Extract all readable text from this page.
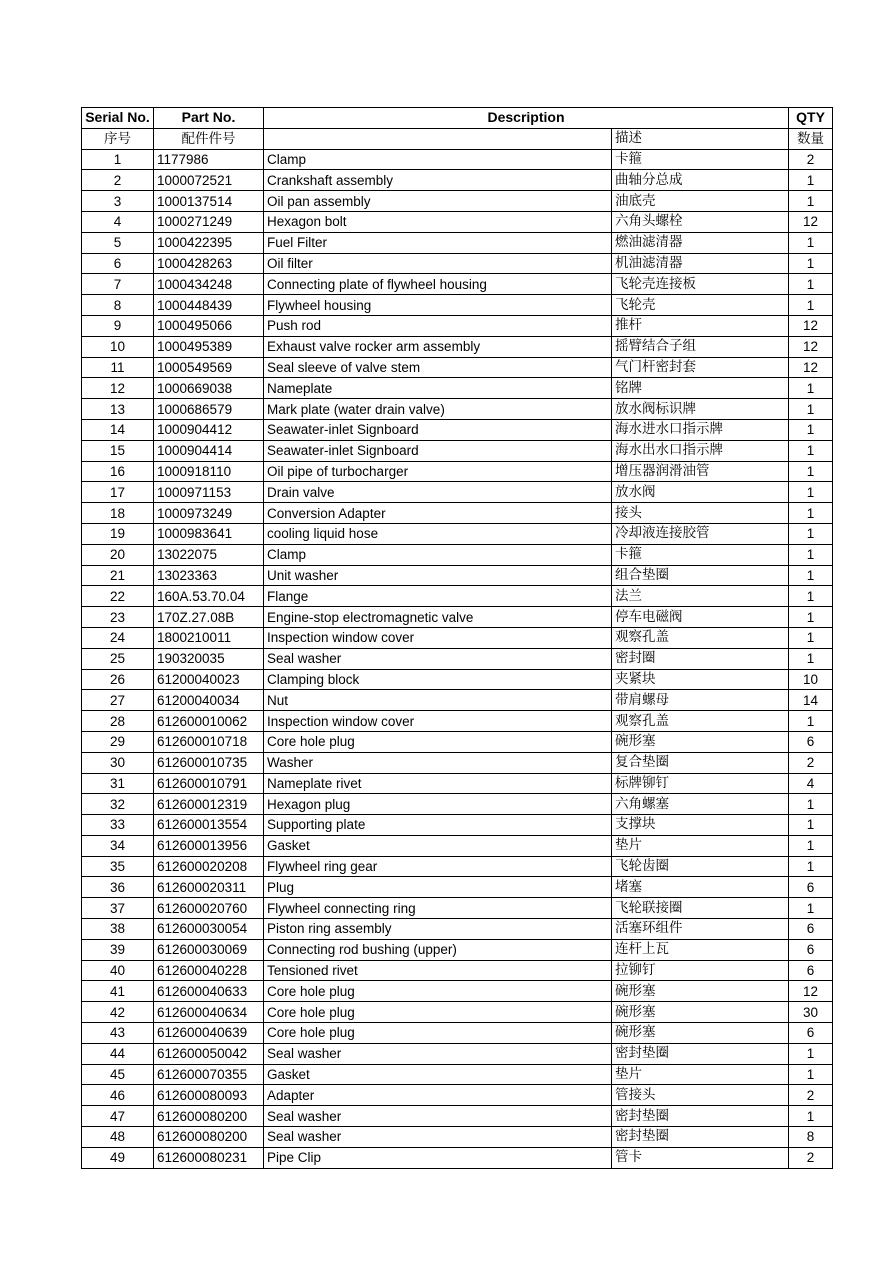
Serial No.	Part No.	Description		QTY
序号	配件件号		描述	数量
1	1177986	Clamp	卡箍	2
2	1000072521	Crankshaft assembly	曲轴分总成	1
3	1000137514	Oil pan assembly	油底壳	1
4	1000271249	Hexagon bolt	六角头螺栓	12
5	1000422395	Fuel Filter	燃油滤清器	1
6	1000428263	Oil filter	机油滤清器	1
7	1000434248	Connecting plate of flywheel housing	飞轮壳连接板	1
8	1000448439	Flywheel housing	飞轮壳	1
9	1000495066	Push rod	推杆	12
10	1000495389	Exhaust valve rocker arm assembly	摇臂结合子组	12
11	1000549569	Seal sleeve of valve stem	气门杆密封套	12
12	1000669038	Nameplate	铭牌	1
13	1000686579	Mark plate (water drain valve)	放水阀标识牌	1
14	1000904412	Seawater-inlet Signboard	海水进水口指示牌	1
15	1000904414	Seawater-inlet Signboard	海水出水口指示牌	1
16	1000918110	Oil pipe of turbocharger	增压器润滑油管	1
17	1000971153	Drain valve	放水阀	1
18	1000973249	Conversion Adapter	接头	1
19	1000983641	cooling liquid hose	冷却液连接胶管	1
20	13022075	Clamp	卡箍	1
21	13023363	Unit washer	组合垫圈	1
22	160A.53.70.04	Flange	法兰	1
23	170Z.27.08B	Engine-stop electromagnetic valve	停车电磁阀	1
24	1800210011	Inspection window cover	观察孔盖	1
25	190320035	Seal washer	密封圈	1
26	61200040023	Clamping block	夹紧块	10
27	61200040034	Nut	带肩螺母	14
28	612600010062	Inspection window cover	观察孔盖	1
29	612600010718	Core hole plug	碗形塞	6
30	612600010735	Washer	复合垫圈	2
31	612600010791	Nameplate rivet	标牌铆钉	4
32	612600012319	Hexagon plug	六角螺塞	1
33	612600013554	Supporting plate	支撑块	1
34	612600013956	Gasket	垫片	1
35	612600020208	Flywheel ring gear	飞轮齿圈	1
36	612600020311	Plug	堵塞	6
37	612600020760	Flywheel connecting ring	飞轮联接圈	1
38	612600030054	Piston ring assembly	活塞环组件	6
39	612600030069	Connecting rod bushing (upper)	连杆上瓦	6
40	612600040228	Tensioned rivet	拉铆钉	6
41	612600040633	Core hole plug	碗形塞	12
42	612600040634	Core hole plug	碗形塞	30
43	612600040639	Core hole plug	碗形塞	6
44	612600050042	Seal washer	密封垫圈	1
45	612600070355	Gasket	垫片	1
46	612600080093	Adapter	管接头	2
47	612600080200	Seal washer	密封垫圈	1
48	612600080200	Seal washer	密封垫圈	8
49	612600080231	Pipe Clip	管卡	2
